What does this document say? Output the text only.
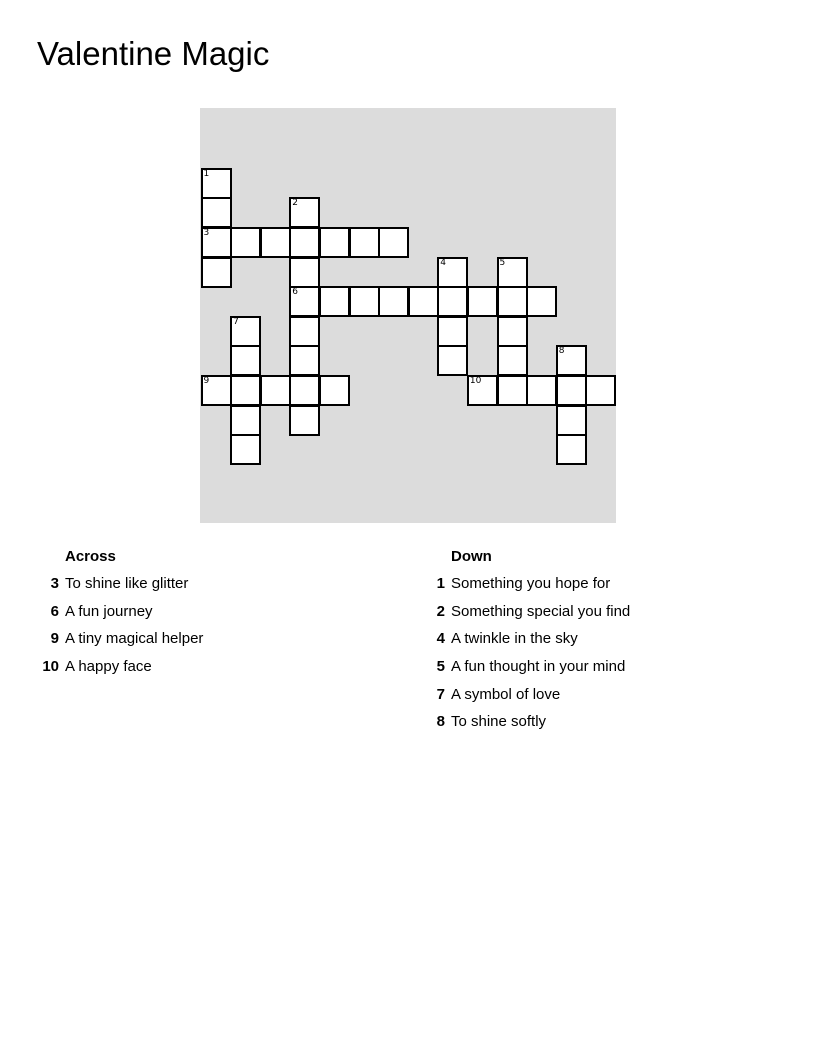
Valentine Magic
1
2
3
4	5
6
7
8
9	10
Across
3 To shine like glitter
6 A fun journey
9 A tiny magical helper
10 A happy face
Down
1 Something you hope for
2 Something special you find
4 A twinkle in the sky
5 A fun thought in your mind
7 A symbol of love
8 To shine softly
